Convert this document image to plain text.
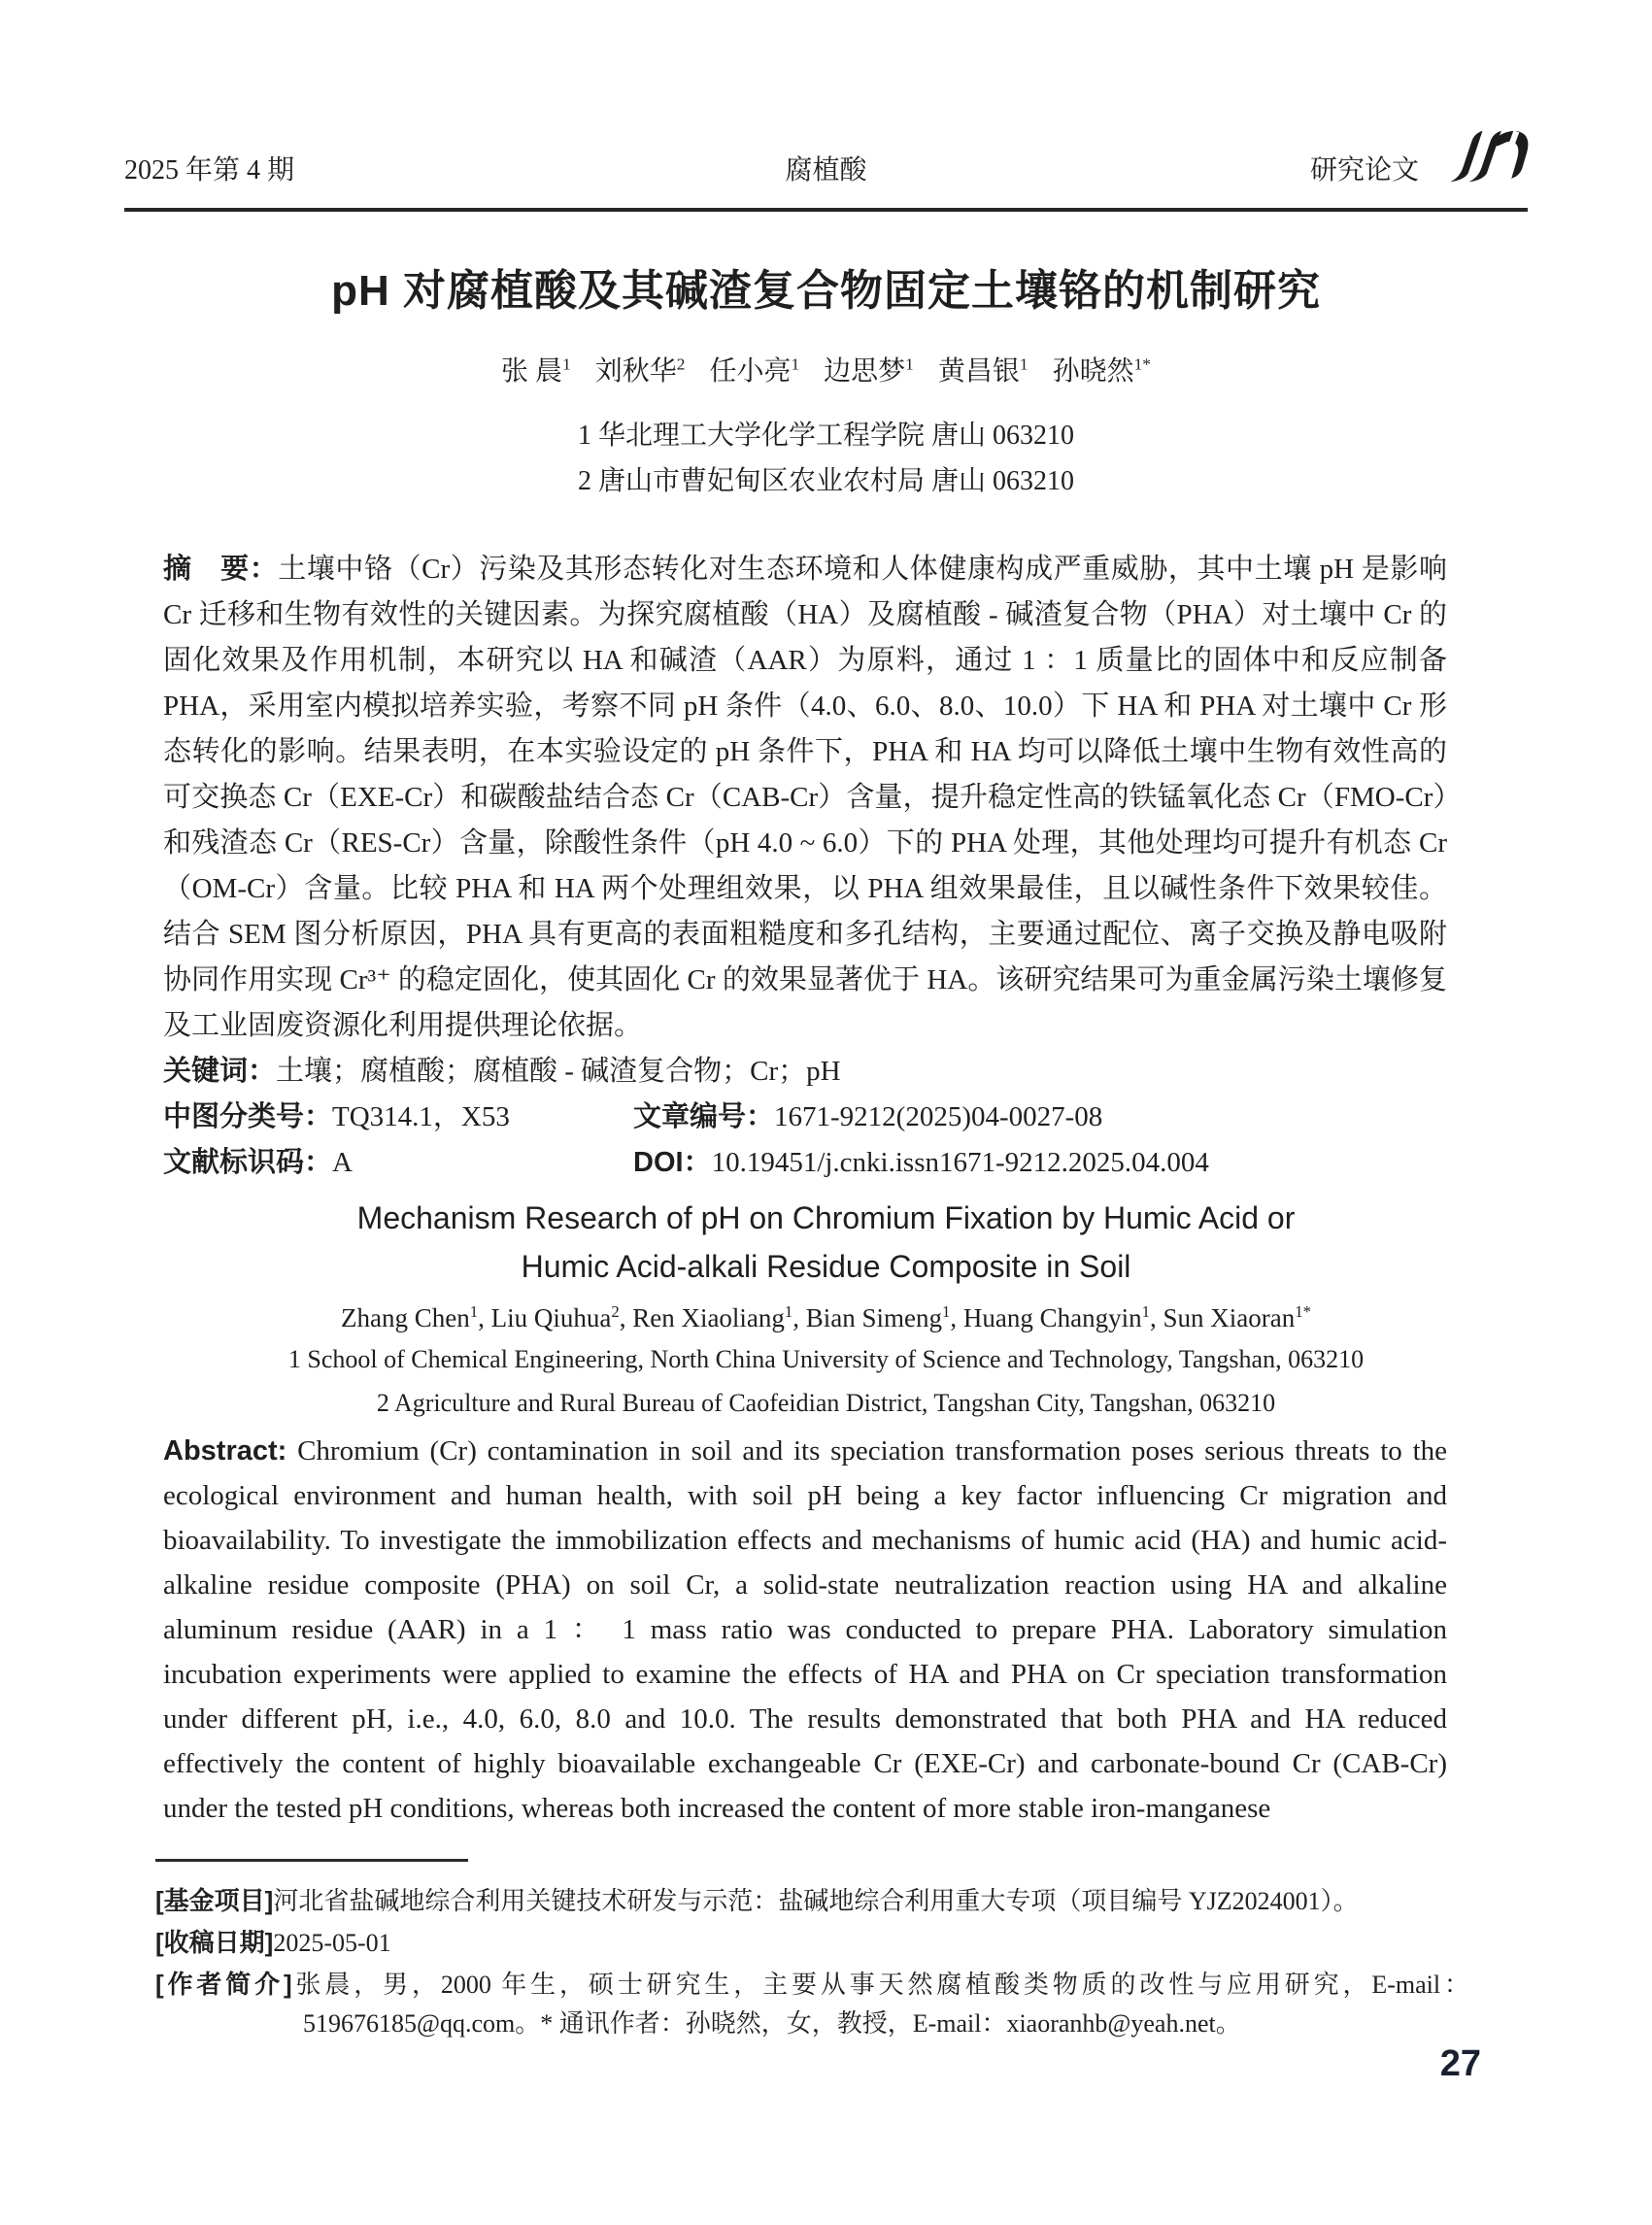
2025 年第 4 期	腐植酸	研究论文
pH 对腐植酸及其碱渣复合物固定土壤铬的机制研究
张 晨$^1$ 刘秋华$^2$ 任小亮$^1$ 边思梦$^1$ 黄昌银$^1$ 孙晓然$^{1*}$
1 华北理工大学化学工程学院 唐山 063210
2 唐山市曹妃甸区农业农村局 唐山 063210

摘　要：土壤中铬（Cr）污染及其形态转化对生态环境和人体健康构成严重威胁，其中土壤 pH 是影响 Cr 迁移和生物有效性的关键因素。为探究腐植酸（HA）及腐植酸 - 碱渣复合物（PHA）对土壤中 Cr 的固化效果及作用机制，本研究以 HA 和碱渣（AAR）为原料，通过 1 ：1 质量比的固体中和反应制备 PHA，采用室内模拟培养实验，考察不同 pH 条件（4.0、6.0、8.0、10.0）下 HA 和 PHA 对土壤中 Cr 形态转化的影响。结果表明，在本实验设定的 pH 条件下，PHA 和 HA 均可以降低土壤中生物有效性高的可交换态 Cr（EXE-Cr）和碳酸盐结合态 Cr（CAB-Cr）含量，提升稳定性高的铁锰氧化态 Cr（FMO-Cr）和残渣态 Cr（RES-Cr）含量，除酸性条件（pH 4.0 ~ 6.0）下的 PHA 处理，其他处理均可提升有机态 Cr（OM-Cr）含量。比较 PHA 和 HA 两个处理组效果，以 PHA 组效果最佳，且以碱性条件下效果较佳。结合 SEM 图分析原因，PHA 具有更高的表面粗糙度和多孔结构，主要通过配位、离子交换及静电吸附协同作用实现 Cr³⁺ 的稳定固化，使其固化 Cr 的效果显著优于 HA。该研究结果可为重金属污染土壤修复及工业固废资源化利用提供理论依据。

关键词：土壤；腐植酸；腐植酸 - 碱渣复合物；Cr；pH

中图分类号：TQ314.1，X53	文章编号：1671-9212(2025)04-0027-08
文献标识码：A	DOI：10.19451/j.cnki.issn1671-9212.2025.04.004
Mechanism Research of pH on Chromium Fixation by Humic Acid or
Humic Acid-alkali Residue Composite in Soil
Zhang Chen$^1$, Liu Qiuhua$^2$, Ren Xiaoliang$^1$, Bian Simeng$^1$, Huang Changyin$^1$, Sun Xiaoran$^{1*}$
1 School of Chemical Engineering, North China University of Science and Technology, Tangshan, 063210
2 Agriculture and Rural Bureau of Caofeidian District, Tangshan City, Tangshan, 063210

Abstract: Chromium (Cr) contamination in soil and its speciation transformation poses serious threats to the ecological environment and human health, with soil pH being a key factor influencing Cr migration and bioavailability. To investigate the immobilization effects and mechanisms of humic acid (HA) and humic acid-alkaline residue composite (PHA) on soil Cr, a solid-state neutralization reaction using HA and alkaline aluminum residue (AAR) in a 1 ： 1 mass ratio was conducted to prepare PHA. Laboratory simulation incubation experiments were applied to examine the effects of HA and PHA on Cr speciation transformation under different pH, i.e., 4.0, 6.0, 8.0 and 10.0. The results demonstrated that both PHA and HA reduced effectively the content of highly bioavailable exchangeable Cr (EXE-Cr) and carbonate-bound Cr (CAB-Cr) under the tested pH conditions, whereas both increased the content of more stable iron-manganese

[基金项目]河北省盐碱地综合利用关键技术研发与示范：盐碱地综合利用重大专项（项目编号 YJZ2024001）。

[收稿日期]2025-05-01

[作者简介]张晨，男，2000 年生，硕士研究生，主要从事天然腐植酸类物质的改性与应用研究，E-mail：519676185@qq.com。* 通讯作者：孙晓然，女，教授，E-mail：xiaoranhb@yeah.net。

27
